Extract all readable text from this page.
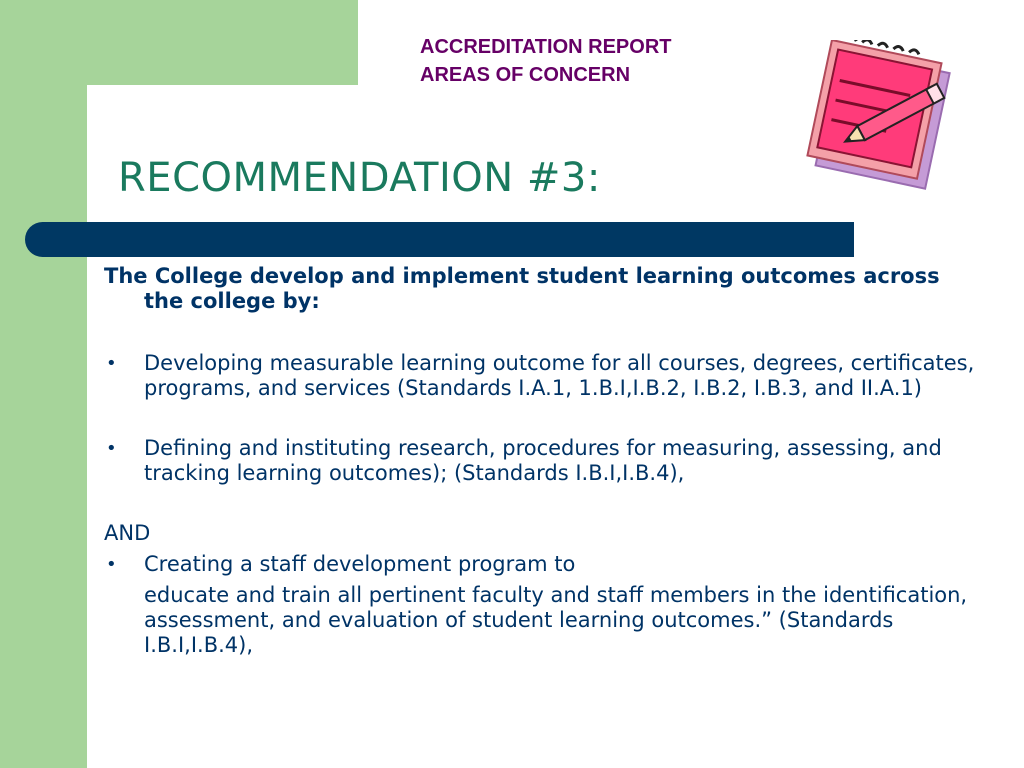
ACCREDITATION REPORT
AREAS OF CONCERN
RECOMMENDATION #3:

The College develop and implement student learning outcomes across the college by:

• Developing measurable learning outcome for all courses, degrees, certificates, programs, and services (Standards I.A.1, 1.B.I,I.B.2, I.B.2, I.B.3, and II.A.1)
• Defining and instituting research, procedures for measuring, assessing, and tracking learning outcomes); (Standards I.B.I,I.B.4),

AND

• Creating a staff development program to

educate and train all pertinent faculty and staff members in the identification, assessment, and evaluation of student learning outcomes.” (Standards I.B.I,I.B.4),
